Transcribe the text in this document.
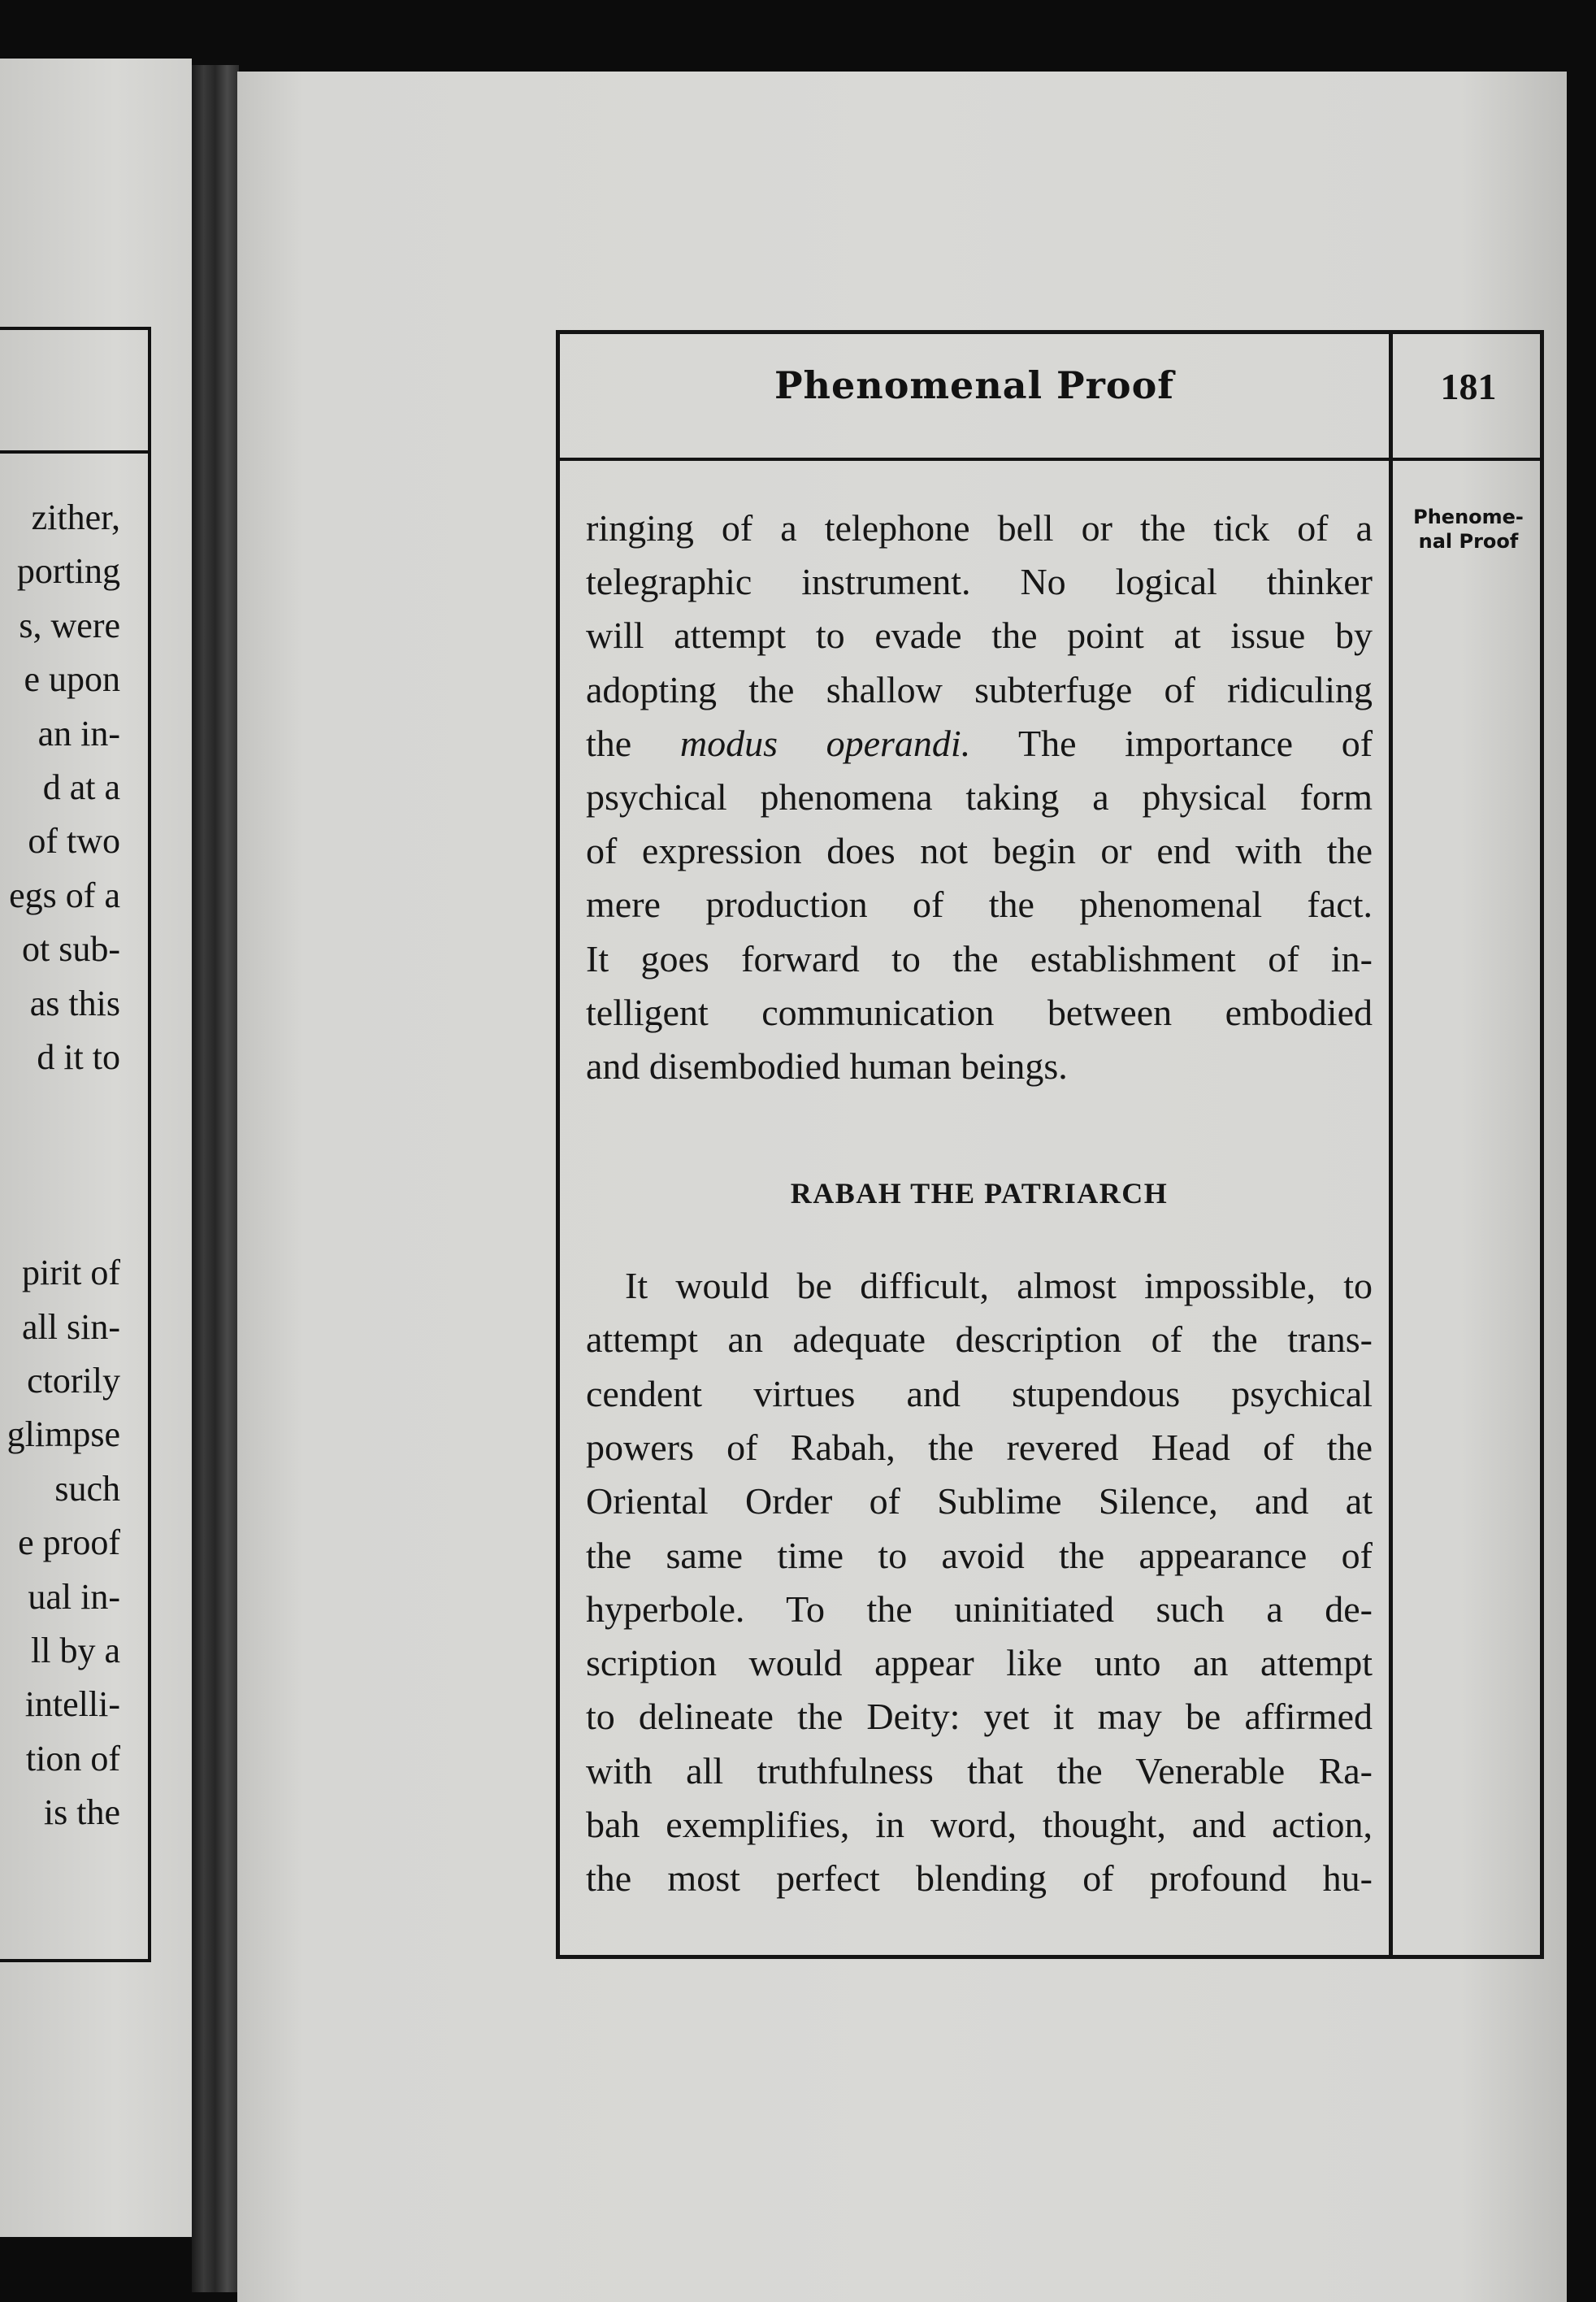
zither,
porting
s, were
e upon
an in-
d at a
of two
egs of a
ot sub-
as this
d it to
pirit of
all sin-
ctorily
glimpse
such
e proof
ual in-
ll by a
intelli-
tion of
is the
Phenomenal Proof	181
Phenome-
nal Proof
ringing of a telephone bell or the tick of a
telegraphic instrument. No logical thinker
will attempt to evade the point at issue by
adopting the shallow subterfuge of ridiculing
the modus operandi. The importance of
psychical phenomena taking a physical form
of expression does not begin or end with the
mere production of the phenomenal fact.
It goes forward to the establishment of in-
telligent communication between embodied
and disembodied human beings.
RABAH THE PATRIARCH
It would be difficult, almost impossible, to
attempt an adequate description of the trans-
cendent virtues and stupendous psychical
powers of Rabah, the revered Head of the
Oriental Order of Sublime Silence, and at
the same time to avoid the appearance of
hyperbole. To the uninitiated such a de-
scription would appear like unto an attempt
to delineate the Deity: yet it may be affirmed
with all truthfulness that the Venerable Ra-
bah exemplifies, in word, thought, and action,
the most perfect blending of profound hu-
